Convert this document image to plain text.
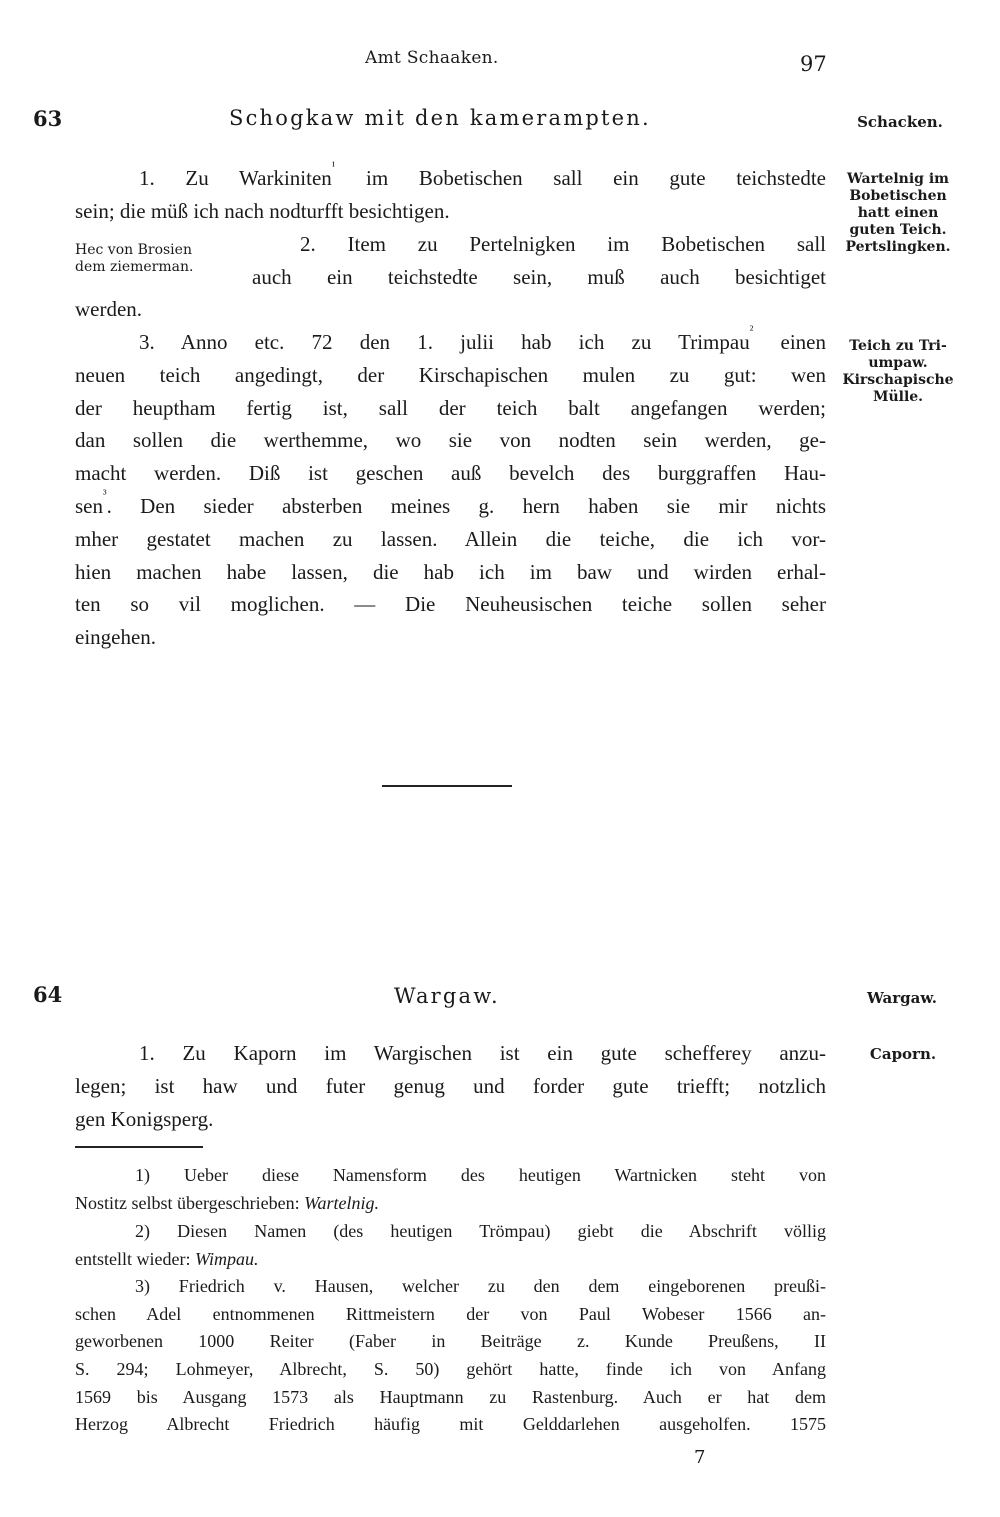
Amt Schaaken.	97
63	Schogkaw mit den kamerampten.	Schacken.
Wartelnig im
Bobetischen
hatt einen
guten Teich.
Pertslingken.
Teich zu Tri-
umpaw.
Kirschapische
Mülle.
Hec von Brosien
dem ziemerman.
1. Zu Warkiniten$^{^1}$ im Bobetischen sall ein gute teichstedte
sein; die müß ich nach nodturfft besichtigen.
2. Item zu Pertelnigken im Bobetischen sall
auch ein teichstedte sein, muß auch besichtiget
werden.
3. Anno etc. 72 den 1. julii hab ich zu Trimpau$^{^2}$ einen
neuen teich angedingt, der Kirschapischen mulen zu gut: wen
der heuptham fertig ist, sall der teich balt angefangen werden;
dan sollen die werthemme, wo sie von nodten sein werden, ge-
macht werden. Diß ist geschen auß bevelch des burggraffen Hau-
sen$^{^3}$. Den sieder absterben meines g. hern haben sie mir nichts
mher gestatet machen zu lassen. Allein die teiche, die ich vor-
hien machen habe lassen, die hab ich im baw und wirden erhal-
ten so vil moglichen. — Die Neuheusischen teiche sollen seher
eingehen.
64	Wargaw.	Wargaw.
Caporn.
1. Zu Kaporn im Wargischen ist ein gute schefferey anzu-
legen; ist haw und futer genug und forder gute triefft; notzlich
gen Konigsperg.
1) Ueber diese Namensform des heutigen Wartnicken steht von
Nostitz selbst übergeschrieben: Wartelnig.
2) Diesen Namen (des heutigen Trömpau) giebt die Abschrift völlig
entstellt wieder: Wimpau.
3) Friedrich v. Hausen, welcher zu den dem eingeborenen preußi-
schen Adel entnommenen Rittmeistern der von Paul Wobeser 1566 an-
geworbenen 1000 Reiter (Faber in Beiträge z. Kunde Preußens, II
S. 294; Lohmeyer, Albrecht, S. 50) gehört hatte, finde ich von Anfang
1569 bis Ausgang 1573 als Hauptmann zu Rastenburg. Auch er hat dem
Herzog Albrecht Friedrich häufig mit Gelddarlehen ausgeholfen. 1575
7
